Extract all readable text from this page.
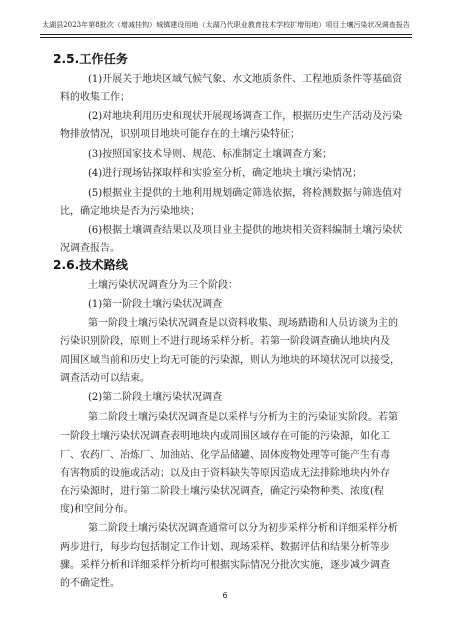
太湖县2023年第8批次（增减挂钩）城镇建设用地（太湖乃代职业教育技术学校扩增用地）项目土壤污染状况调查报告
2.5.工作任务
(1)开展关于地块区域气候气象、水文地质条件、工程地质条件等基础资
料的收集工作；
(2)对地块利用历史和现状开展现场调查工作，根据历史生产活动及污染
物排放情况，识别项目地块可能存在的土壤污染特征；
(3)按照国家技术导则、规范、标准制定土壤调查方案；
(4)进行现场钻探取样和实验室分析，确定地块土壤污染情况；
(5)根据业主提供的土地利用规划确定筛选依据，将检测数据与筛选值对
比，确定地块是否为污染地块；
(6)根据土壤调查结果以及项目业主提供的地块相关资料编制土壤污染状
况调查报告。
2.6.技术路线
土壤污染状况调查分为三个阶段：
(1)第一阶段土壤污染状况调查
第一阶段土壤污染状况调查是以资料收集、现场踏勘和人员访谈为主的
污染识别阶段，原则上不进行现场采样分析。若第一阶段调查确认地块内及
周围区域当前和历史上均无可能的污染源，则认为地块的环境状况可以接受，
调查活动可以结束。
(2)第二阶段土壤污染状况调查
第二阶段土壤污染状况调查是以采样与分析为主的污染证实阶段。若第
一阶段土壤污染状况调查表明地块内或周围区域存在可能的污染源，如化工
厂、农药厂、冶炼厂、加油站、化学品储罐、固体废物处理等可能产生有毒
有害物质的设施或活动；以及由于资料缺失等原因造成无法排除地块内外存
在污染源时，进行第二阶段土壤污染状况调查，确定污染物种类、浓度(程
度)和空间分布。
第二阶段土壤污染状况调查通常可以分为初步采样分析和详细采样分析
两步进行，每步均包括制定工作计划、现场采样、数据评估和结果分析等步
骤。采样分析和详细采样分析均可根据实际情况分批次实施，逐步减少调查
的不确定性。
6
